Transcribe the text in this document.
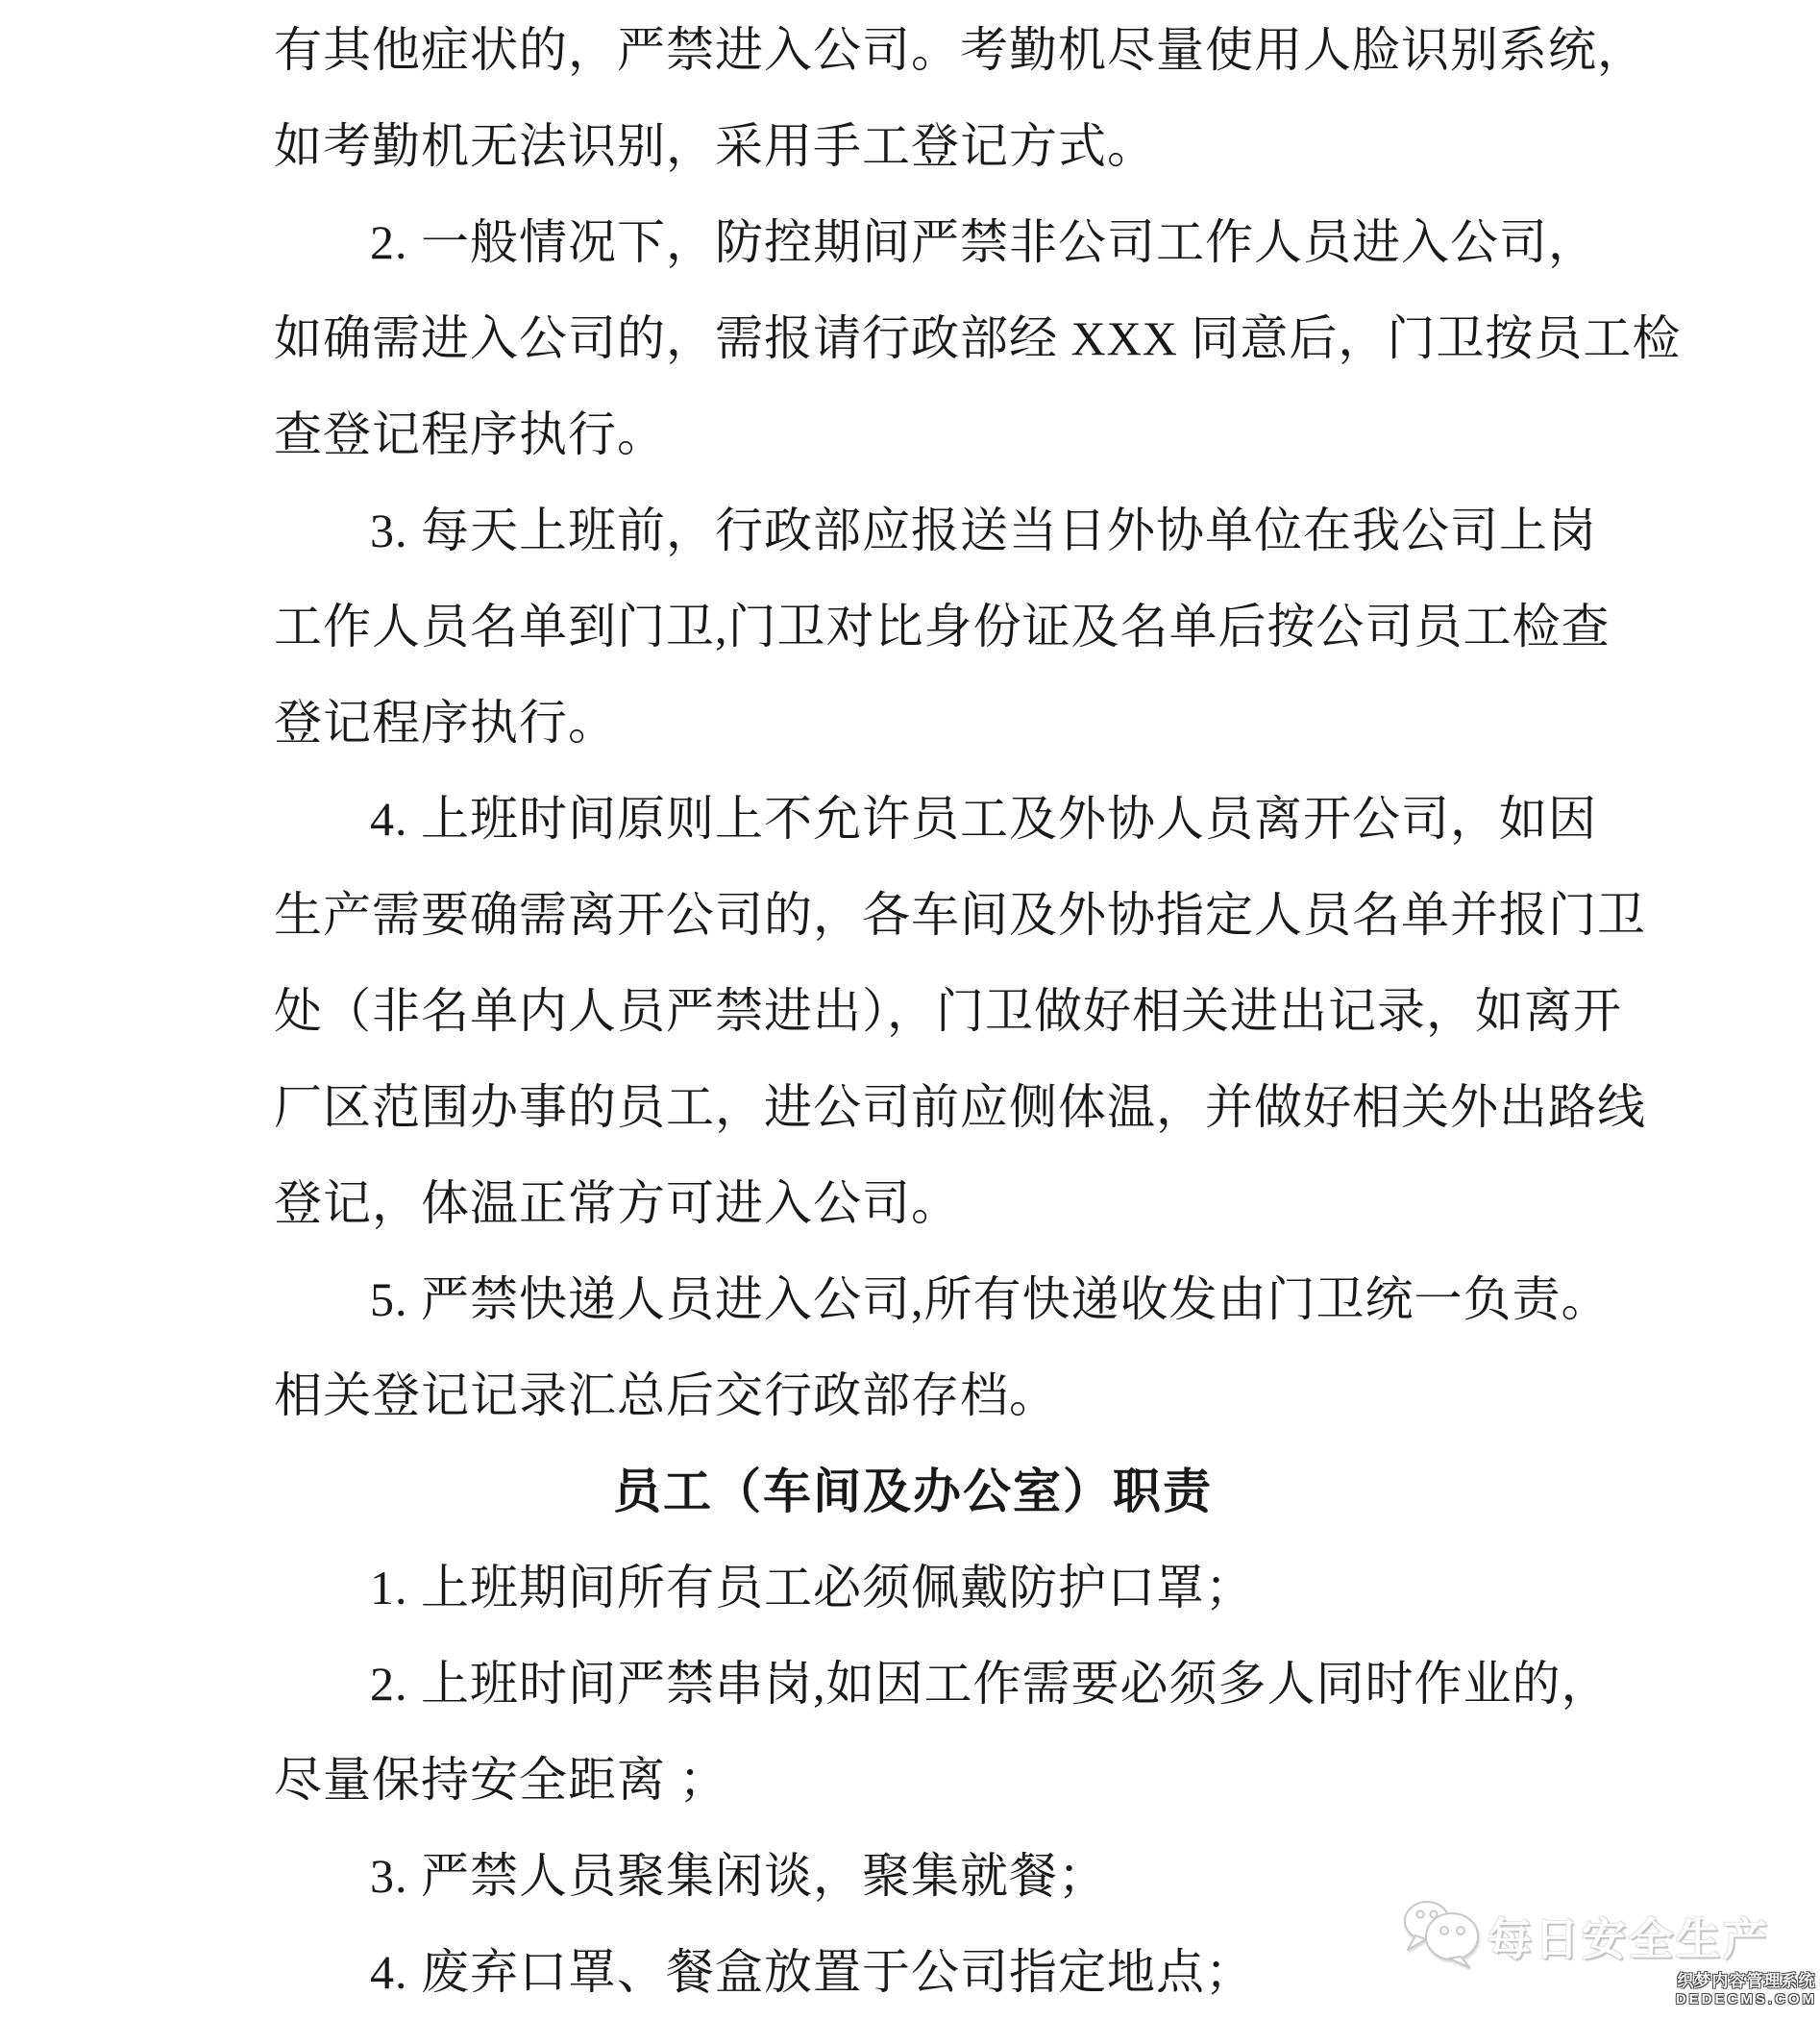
有其他症状的，严禁进入公司。考勤机尽量使用人脸识别系统，
如考勤机无法识别，采用手工登记方式。
2. 一般情况下，防控期间严禁非公司工作人员进入公司，
如确需进入公司的，需报请行政部经 XXX 同意后，门卫按员工检
查登记程序执行。
3. 每天上班前，行政部应报送当日外协单位在我公司上岗
工作人员名单到门卫,门卫对比身份证及名单后按公司员工检查
登记程序执行。
4. 上班时间原则上不允许员工及外协人员离开公司，如因
生产需要确需离开公司的，各车间及外协指定人员名单并报门卫
处（非名单内人员严禁进出），门卫做好相关进出记录，如离开
厂区范围办事的员工，进公司前应侧体温，并做好相关外出路线
登记，体温正常方可进入公司。
5. 严禁快递人员进入公司,所有快递收发由门卫统一负责。
相关登记记录汇总后交行政部存档。
员工（车间及办公室）职责
1. 上班期间所有员工必须佩戴防护口罩；
2. 上班时间严禁串岗,如因工作需要必须多人同时作业的，
尽量保持安全距离 ；
3. 严禁人员聚集闲谈，聚集就餐；
4. 废弃口罩、餐盒放置于公司指定地点；
每日安全生产
织梦内容管理系统
DEDECMS.COM
